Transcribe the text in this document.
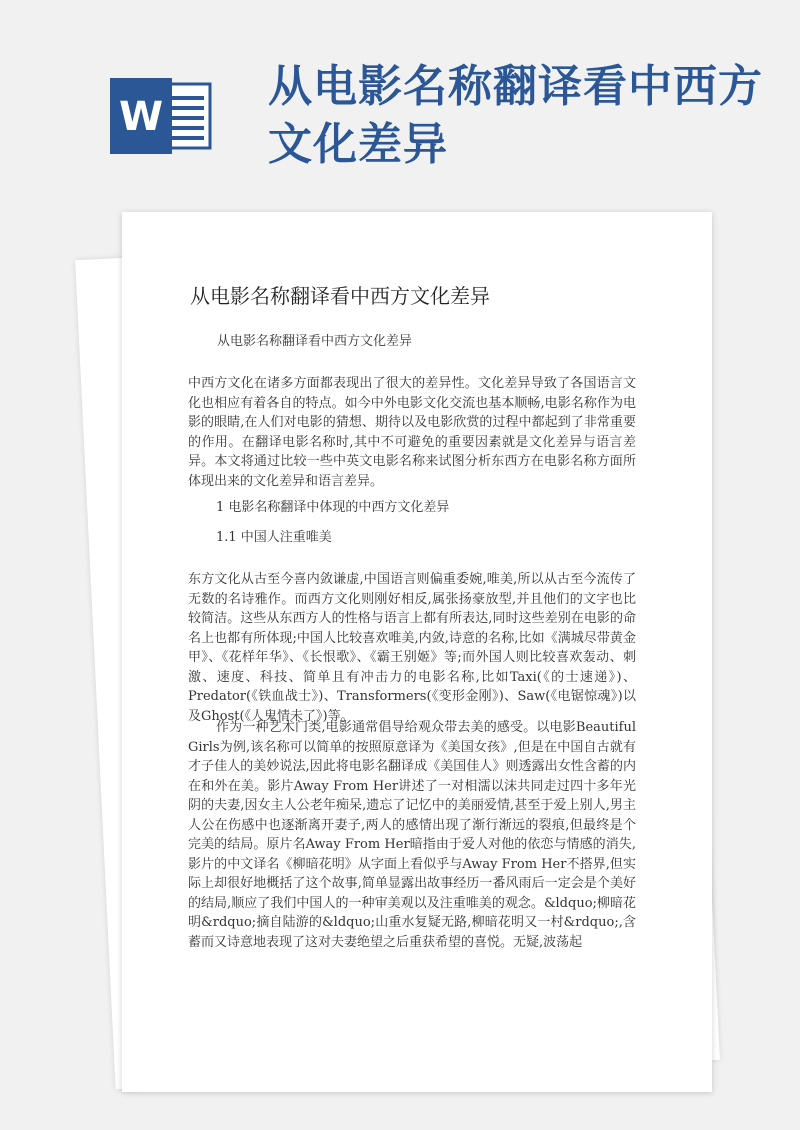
W
从电影名称翻译看中西方文化差异
从电影名称翻译看中西方文化差异

从电影名称翻译看中西方文化差异

中西方文化在诸多方面都表现出了很大的差异性。文化差异导致了各国语言文化也相应有着各自的特点。如今中外电影文化交流也基本顺畅,电影名称作为电影的眼睛,在人们对电影的猜想、期待以及电影欣赏的过程中都起到了非常重要的作用。在翻译电影名称时,其中不可避免的重要因素就是文化差异与语言差异。本文将通过比较一些中英文电影名称来试图分析东西方在电影名称方面所体现出来的文化差异和语言差异。

1 电影名称翻译中体现的中西方文化差异

1.1 中国人注重唯美

东方文化从古至今喜内敛谦虚,中国语言则偏重委婉,唯美,所以从古至今流传了无数的名诗雅作。而西方文化则刚好相反,属张扬豪放型,并且他们的文字也比较简洁。这些从东西方人的性格与语言上都有所表达,同时这些差别在电影的命名上也都有所体现;中国人比较喜欢唯美,内敛,诗意的名称,比如《满城尽带黄金甲》、《花样年华》、《长恨歌》、《霸王别姬》等;而外国人则比较喜欢轰动、刺激、速度、科技、简单且有冲击力的电影名称,比如Taxi(《的士速递》)、Predator(《铁血战士》)、Transformers(《变形金刚》)、Saw(《电锯惊魂》)以及Ghost(《人鬼情未了》)等。

作为一种艺术门类,电影通常倡导给观众带去美的感受。以电影Beautiful Girls为例,该名称可以简单的按照原意译为《美国女孩》,但是在中国自古就有才子佳人的美妙说法,因此将电影名翻译成《美国佳人》则透露出女性含蓄的内在和外在美。影片Away From Her讲述了一对相濡以沫共同走过四十多年光阴的夫妻,因女主人公老年痴呆,遗忘了记忆中的美丽爱情,甚至于爱上别人,男主人公在伤感中也逐渐离开妻子,两人的感情出现了渐行渐远的裂痕,但最终是个完美的结局。原片名Away From Her暗指由于爱人对他的依恋与情感的消失,影片的中文译名《柳暗花明》从字面上看似乎与Away From Her不搭界,但实际上却很好地概括了这个故事,简单显露出故事经历一番风雨后一定会是个美好的结局,顺应了我们中国人的一种审美观以及注重唯美的观念。&ldquo;柳暗花明&rdquo;摘自陆游的&ldquo;山重水复疑无路,柳暗花明又一村&rdquo;,含蓄而又诗意地表现了这对夫妻绝望之后重获希望的喜悦。无疑,波荡起
